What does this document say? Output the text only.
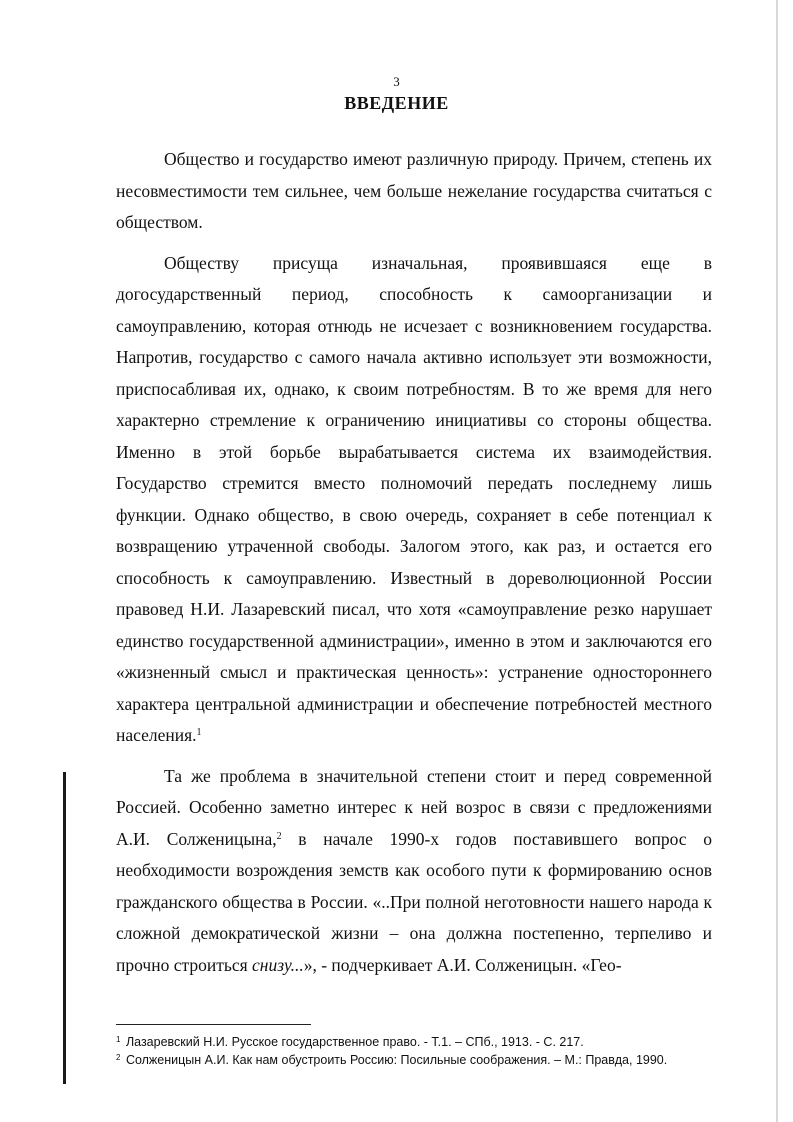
3
ВВЕДЕНИЕ

Общество и государство имеют различную природу. Причем, степень их несовместимости тем сильнее, чем больше нежелание государства считаться с обществом.

Обществу присуща изначальная, проявившаяся еще в догосударственный период, способность к самоорганизации и самоуправлению, которая отнюдь не исчезает с возникновением государства. Напротив, государство с самого начала активно использует эти возможности, приспосабливая их, однако, к своим потребностям. В то же время для него характерно стремление к ограничению инициативы со стороны общества. Именно в этой борьбе вырабатывается система их взаимодействия. Государство стремится вместо полномочий передать последнему лишь функции. Однако общество, в свою очередь, сохраняет в себе потенциал к возвращению утраченной свободы. Залогом этого, как раз, и остается его способность к самоуправлению. Известный в дореволюционной России правовед Н.И. Лазаревский писал, что хотя «самоуправление резко нарушает единство государственной администрации», именно в этом и заключаются его «жизненный смысл и практическая ценность»: устранение одностороннего характера центральной администрации и обеспечение потребностей местного населения.$^1$

Та же проблема в значительной степени стоит и перед современной Россией. Особенно заметно интерес к ней возрос в связи с предложениями А.И. Солженицына,$^2$ в начале 1990-х годов поставившего вопрос о необходимости возрождения земств как особого пути к формированию основ гражданского общества в России. «..При полной неготовности нашего народа к сложной демократической жизни – она должна постепенно, терпеливо и прочно строиться снизу...», - подчеркивает А.И. Солженицын. «Гео-

$^1$ Лазаревский Н.И. Русское государственное право. - Т.1. – СПб., 1913. - С. 217.
$^2$ Солженицын А.И. Как нам обустроить Россию: Посильные соображения. – М.: Правда, 1990.
